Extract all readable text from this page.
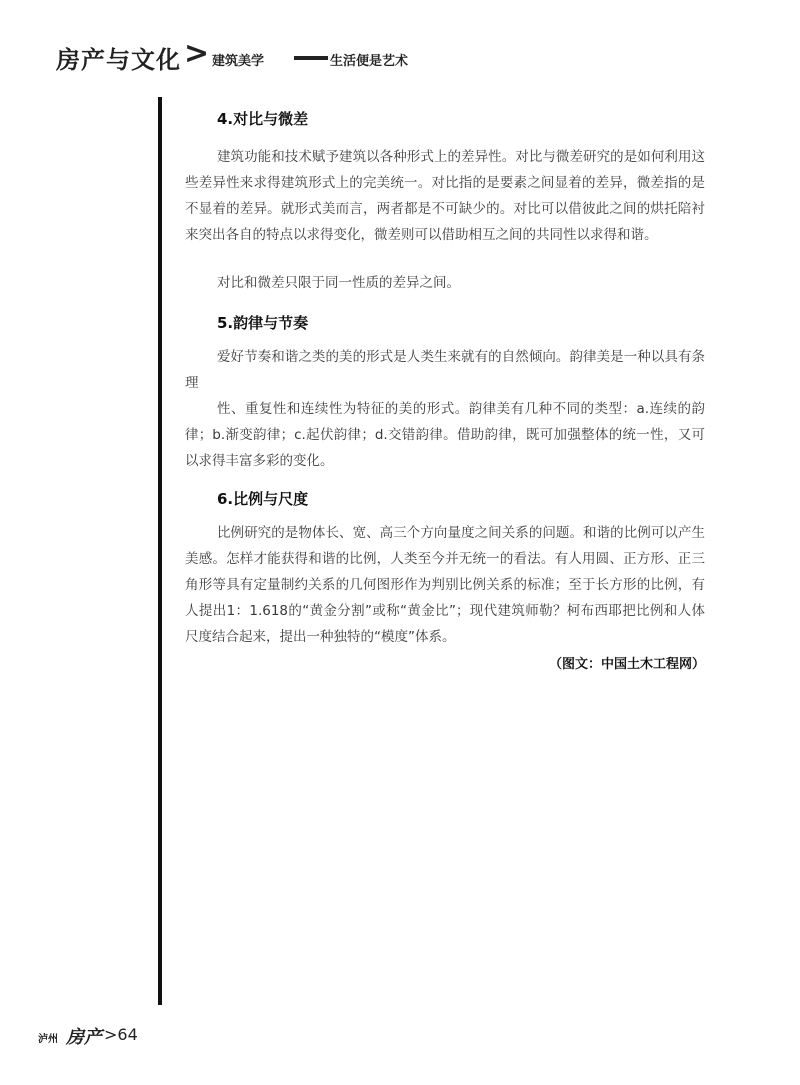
房产与文化 > 建筑美学	生活便是艺术
4.对比与微差

建筑功能和技术赋予建筑以各种形式上的差异性。对比与微差研究的是如何利用这些差异性来求得建筑形式上的完美统一。对比指的是要素之间显着的差异，微差指的是不显着的差异。就形式美而言，两者都是不可缺少的。对比可以借彼此之间的烘托陪衬来突出各自的特点以求得变化，微差则可以借助相互之间的共同性以求得和谐。

对比和微差只限于同一性质的差异之间。

5.韵律与节奏

爱好节奏和谐之类的美的形式是人类生来就有的自然倾向。韵律美是一种以具有条理

性、重复性和连续性为特征的美的形式。韵律美有几种不同的类型：a.连续的韵律；b.渐变韵律；c.起伏韵律；d.交错韵律。借助韵律，既可加强整体的统一性，又可以求得丰富多彩的变化。

6.比例与尺度

比例研究的是物体长、宽、高三个方向量度之间关系的问题。和谐的比例可以产生美感。怎样才能获得和谐的比例，人类至今并无统一的看法。有人用圆、正方形、正三角形等具有定量制约关系的几何图形作为判别比例关系的标准；至于长方形的比例，有人提出1：1.618的“黄金分割”或称“黄金比”；现代建筑师勒？柯布西耶把比例和人体尺度结合起来，提出一种独特的“模度”体系。

（图文：中国土木工程网）
泸州 房产 >64
